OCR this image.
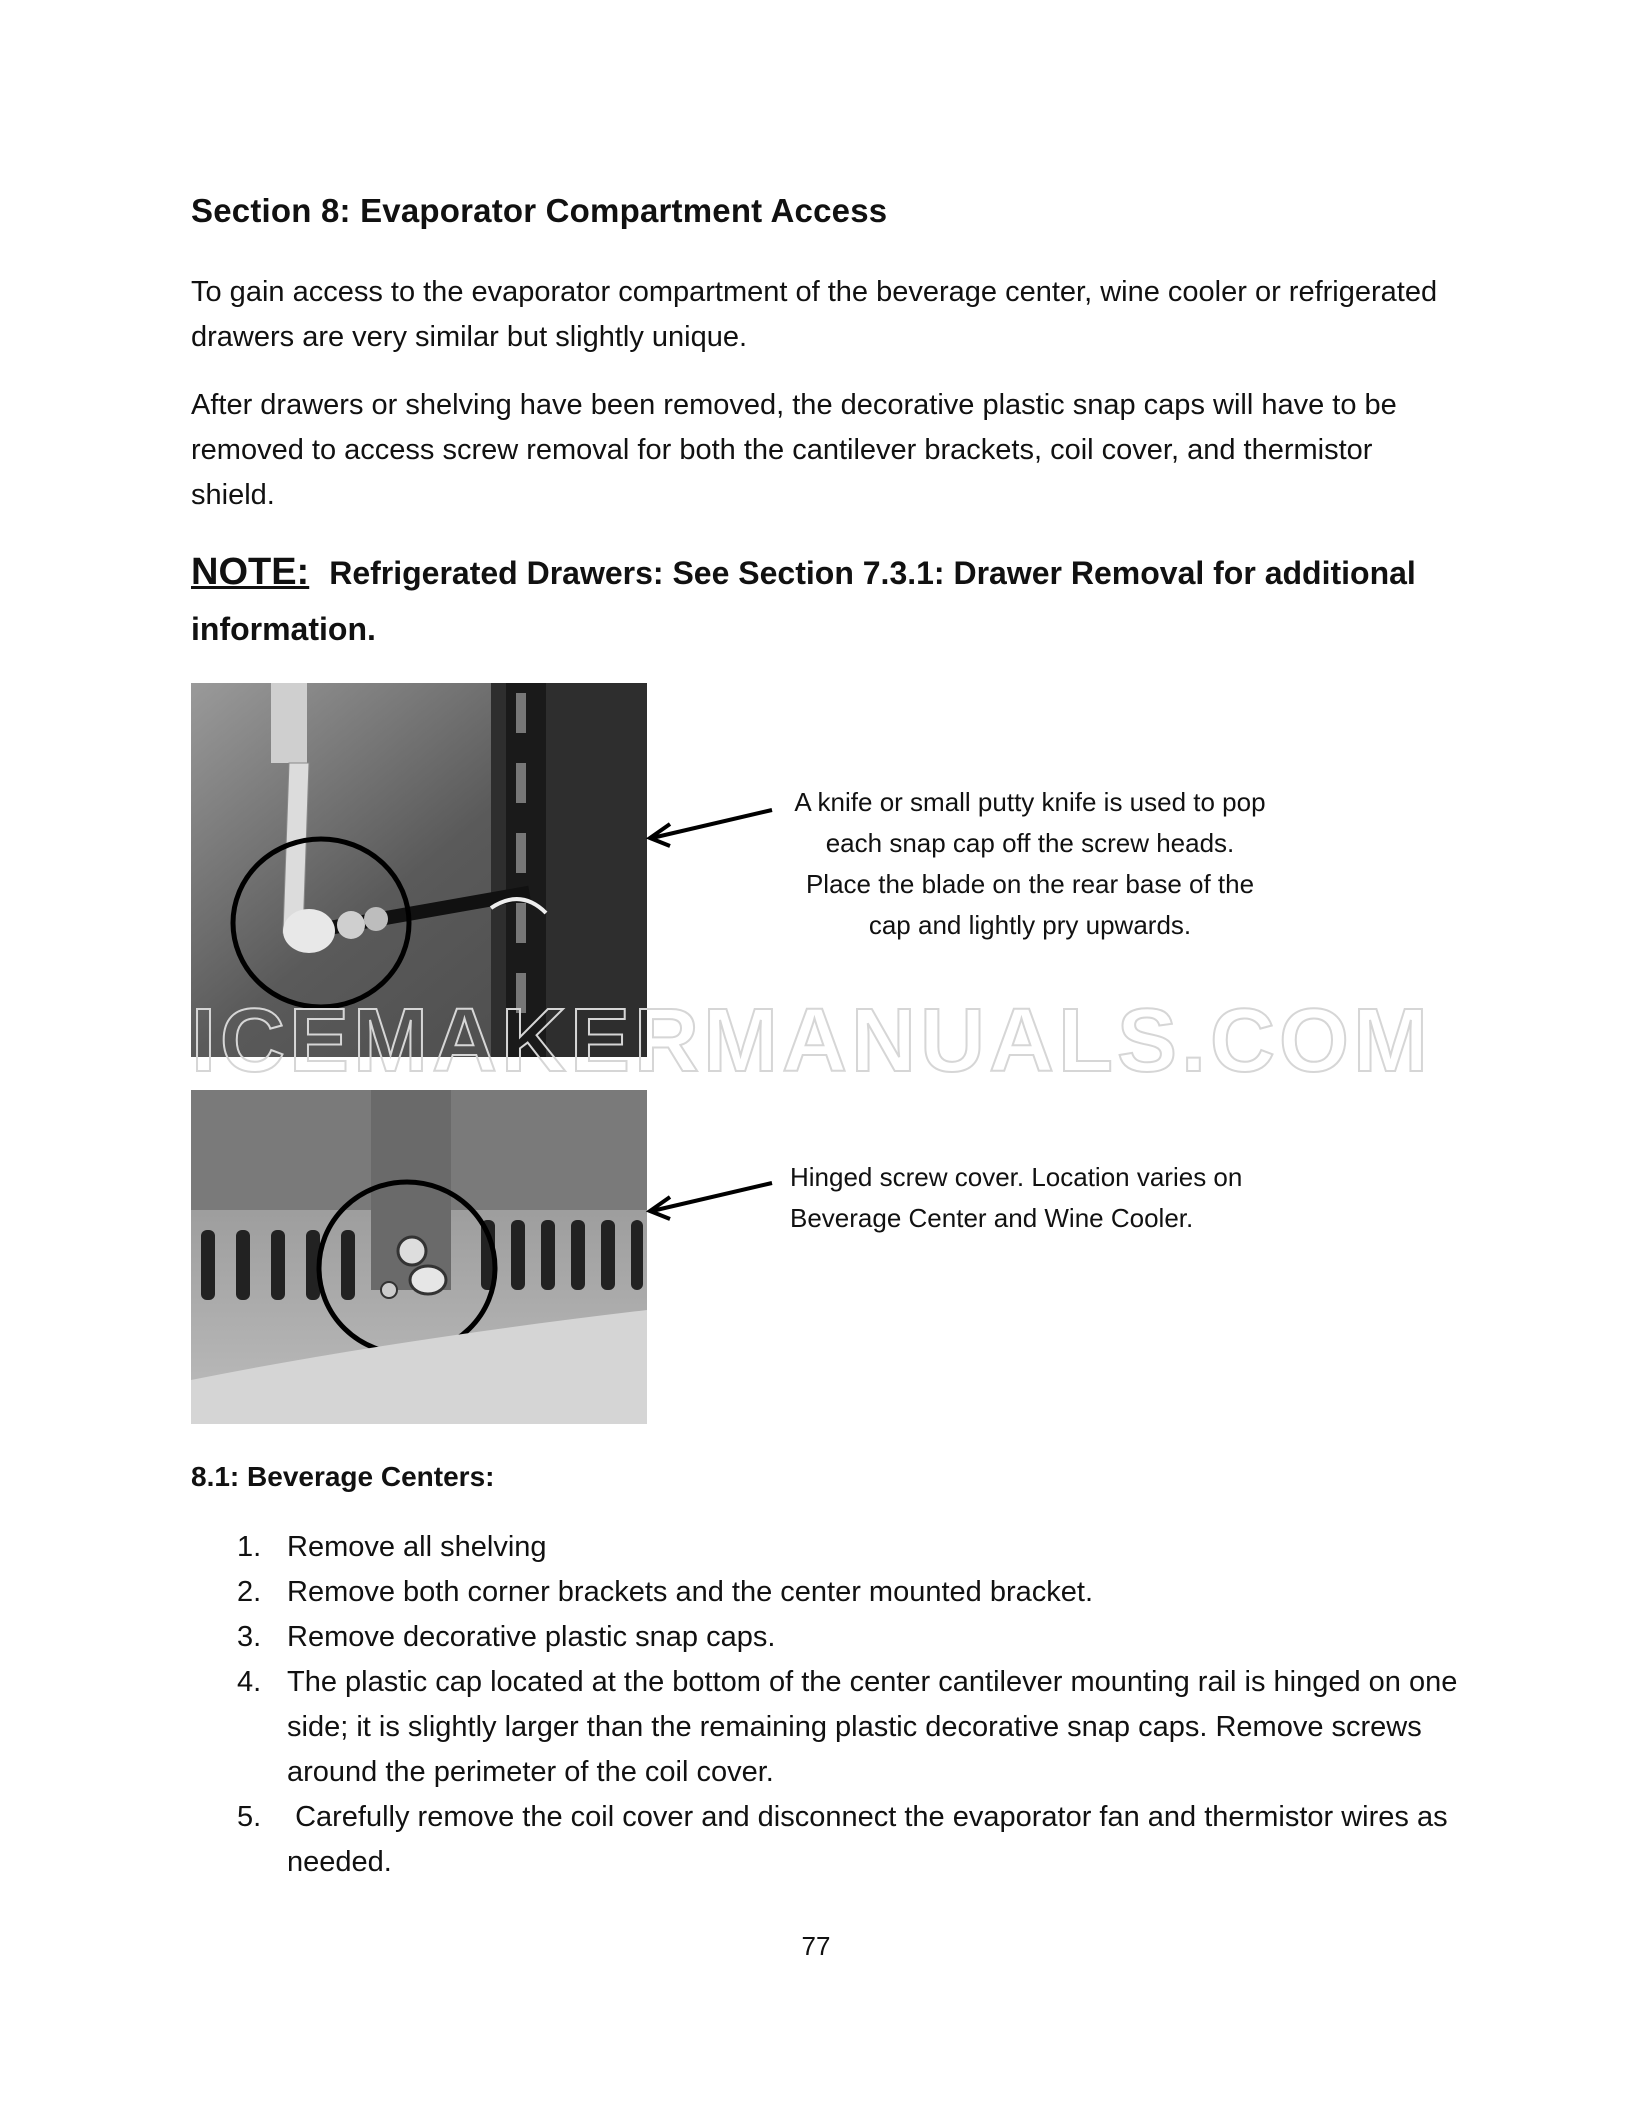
Section 8: Evaporator Compartment Access
To gain access to the evaporator compartment of the beverage center, wine cooler or refrigerated drawers are very similar but slightly unique.
After drawers or shelving have been removed, the decorative plastic snap caps will have to be removed to access screw removal for both the cantilever brackets, coil cover, and thermistor shield.
NOTE: Refrigerated Drawers: See Section 7.3.1: Drawer Removal for additional information.
A knife or small putty knife is used to pop each snap cap off the screw heads. Place the blade on the rear base of the cap and lightly pry upwards.
Hinged screw cover. Location varies on Beverage Center and Wine Cooler.
ICEMAKERMANUALS.COM
8.1: Beverage Centers:
1. Remove all shelving
2. Remove both corner brackets and the center mounted bracket.
3. Remove decorative plastic snap caps.
4. The plastic cap located at the bottom of the center cantilever mounting rail is hinged on one side; it is slightly larger than the remaining plastic decorative snap caps. Remove screws around the perimeter of the coil cover.
5. Carefully remove the coil cover and disconnect the evaporator fan and thermistor wires as needed.
77
